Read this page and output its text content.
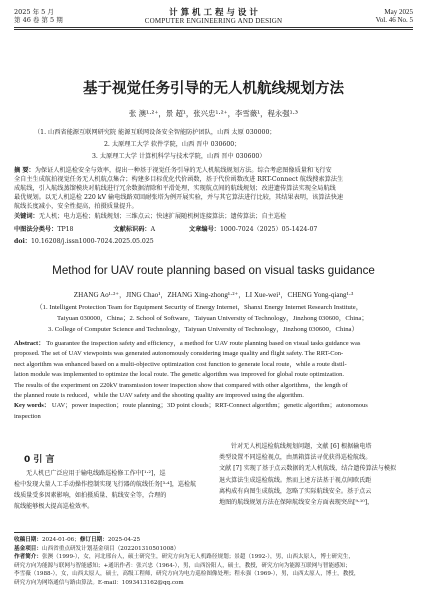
2025 年 5 月
第 46 卷 第 5 期
计 算 机 工 程 与 设 计
COMPUTER ENGINEERING AND DESIGN
May 2025
Vol. 46 No. 5
基于视觉任务引导的无人机航线规划方法
张 澳¹·²⁺，景 超¹，张兴忠¹·²⁺，李雪薇¹，程永强¹·³
（1. 山西省能源互联网研究院 能源互联网设备安全智能防护团队，山西 太原 030000；
2. 太原理工大学 软件学院，山西 晋中 030600；
3. 太原理工大学 计算机科学与技术学院，山西 晋中 030600）
摘 要：为保证人机巡检安全与效率，提出一种基于视觉任务引导的无人机航线规划方法。综合考虑图像质量和飞行安
全自主生成航拍视觉任务无人机航点集合；构建多目标优化代价函数，基于代价函数改进 RRT-Connect 航线搜索算法生
成航线，引入航线蒸馏模块对航线进行冗余数据清除和平滑处理，实现航点间的航线规划；改进遗传算法实现全局航线
最优规划。以无人机巡检 220 kV 输电线路双回耐张塔为例开展实验，并与其它算法进行比较，其结果表明，该算法快速
航线长度减小，安全性提高，拍摄质量提升。
关键词：无人机；电力巡检；航线规划；三维点云；快速扩展随机树连接算法；遗传算法；自主巡检
中图法分类号：TP18	文献标识码：A	文章编号：1000-7024（2025）05-1424-07
doi：10.16208/j.issn1000-7024.2025.05.025
Method for UAV route planning based on visual tasks guidance
ZHANG Ao¹·²⁺，JING Chao¹，ZHANG Xing-zhong¹·²⁺，LI Xue-wei¹，CHENG Yong-qiang¹·³
（1. Intelligent Protection Team for Equipment Security of Energy Internet，Shanxi Energy Internet Research Institute，
Taiyuan 030000，China；2. School of Software，Taiyuan University of Technology，Jinzhong 030600，China；
3. College of Computer Science and Technology，Taiyuan University of Technology，Jinzhong 030600，China）
Abstract： To guarantee the inspection safety and efficiency，a method for UAV route planning based on visual tasks guidance was
proposed. The set of UAV viewpoints was generated autonomously considering image quality and flight safety. The RRT-Con-
nect algorithm was enhanced based on a multi-objective optimization cost function to generate local route，while a route distil-
lation module was implemented to optimize the local route. The genetic algorithm was improved for global route optimization.
The results of the experiment on 220kV transmission tower inspection show that compared with other algorithms，the length of
the planned route is reduced，while the UAV safety and the shooting quality are improved using the algorithm.
Key words： UAV；power inspection；route planning；3D point clouds；RRT-Connect algorithm；genetic algorithm；autonomous
inspection
0 引 言
无人机已广泛应用于输电线路巡检修工作中[¹·²]，巡
检中发现大量人工手动操作控制实现飞行器的航线任务[³·⁴]，巡检航
线质量受多因素影响，如拍摄质量、航线安全等，合理的
航线能够极大提高巡检效率。
针对无人机巡检航线规划问题，文献 [6] 根据输电塔
类型设置不同巡检视点，由黑箱算法寻优获得巡检航线。
文献 [7] 实现了基于点云数据的无人机航线，结合遗传算法与模拟
退火算法生成巡检航线。然而上述方法基于视点间欧氏距
离构成有向图生成航线，忽略了实际航线安全。基于点云
地图的航线规划方法在保障航线安全方面表现突出[⁹·¹⁰]，
收稿日期：2024-01-06；修订日期：2025-04-25
基金项目：山西省重点研发计划基金项目（202201310501008）
作者简介：张澳（1999-），女，河北邢台人，硕士研究生，研究方向为无人机路径规划；景超（1992-），男，山西太原人，博士研究生，
研究方向为能源与联网与智能感知；+通讯作者：张兴忠（1964-），男，山西汾阳人，硕士，教授，研究方向为能源互联网与智能感知；
李雪薇（1988-），女，山西太原人，硕士，高级工程师，研究方向为电力巡检图像处理；程永强（1969-），男，山西太原人，博士，教授，
研究方向为网络通信与路由算法。E-mail：1093413162@qq.com
